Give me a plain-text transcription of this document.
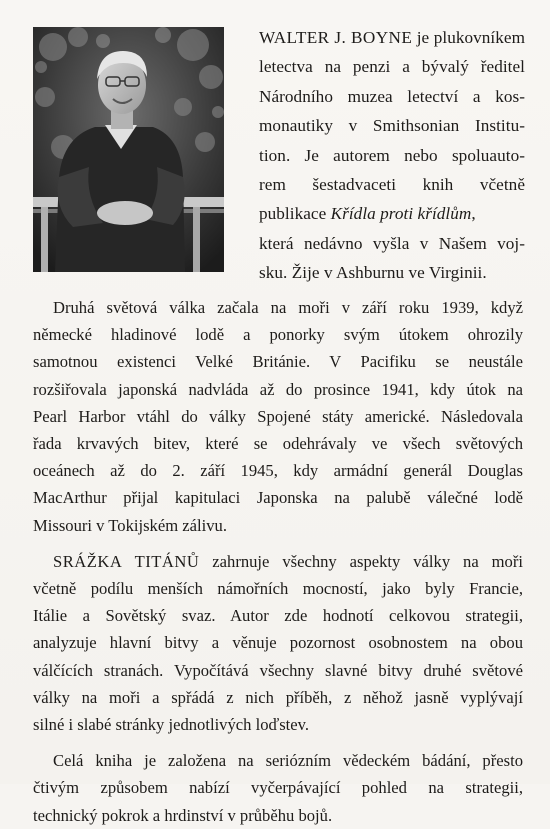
WALTER J. BOYNE je plukovníkem
letectva na penzi a bývalý ředitel
Národního muzea letectví a kos-
monautiky v Smithsonian Institu-
tion. Je autorem nebo spoluauto-
rem šestadvaceti knih včetně
publikace Křídla proti křídlům,
která nedávno vyšla v Našem voj-
sku. Žije v Ashburnu ve Virginii.

Druhá světová válka začala na moři v září roku 1939, když
německé hladinové lodě a ponorky svým útokem ohrozily
samotnou existenci Velké Británie. V Pacifiku se neustále
rozšiřovala japonská nadvláda až do prosince 1941, kdy útok na
Pearl Harbor vtáhl do války Spojené státy americké. Následovala
řada krvavých bitev, které se odehrávaly ve všech světových
oceánech až do 2. září 1945, kdy armádní generál Douglas
MacArthur přijal kapitulaci Japonska na palubě válečné lodě
Missouri v Tokijském zálivu.

SRÁŽKA TITÁNŮ zahrnuje všechny aspekty války na moři
včetně podílu menších námořních mocností, jako byly Francie,
Itálie a Sovětský svaz. Autor zde hodnotí celkovou strategii,
analyzuje hlavní bitvy a věnuje pozornost osobnostem na obou
válčících stranách. Vypočítává všechny slavné bitvy druhé světové
války na moři a spřádá z nich příběh, z něhož jasně vyplývají
silné i slabé stránky jednotlivých loďstev.

Celá kniha je založena na seriózním vědeckém bádání, přesto
čtivým způsobem nabízí vyčerpávající pohled na strategii,
technický pokrok a hrdinství v průběhu bojů.
